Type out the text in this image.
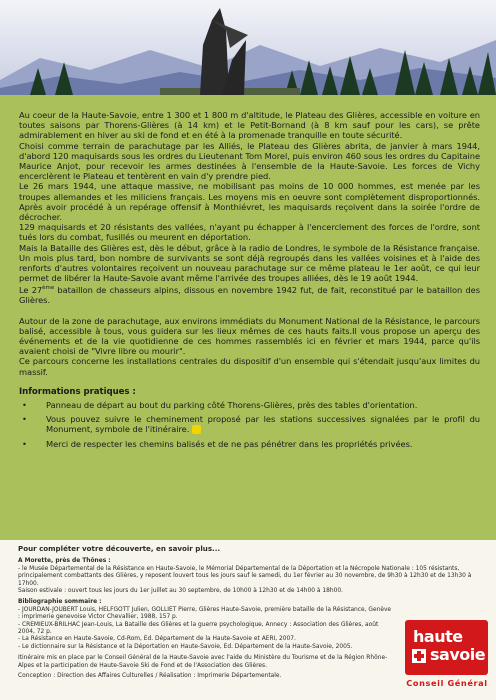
Au coeur de la Haute-Savoie, entre 1 300 et 1 800 m d'altitude, le Plateau des Glières, accessible en voiture en toutes saisons par Thorens-Glières (à 14 km) et le Petit-Bornand (à 8 km sauf pour les cars), se prête admirablement en hiver au ski de fond et en été à la promenade tranquille en toute sécurité.

Choisi comme terrain de parachutage par les Alliés, le Plateau des Glières abrita, de janvier à mars 1944, d'abord 120 maquisards sous les ordres du Lieutenant Tom Morel, puis environ 460 sous les ordres du Capitaine Maurice Anjot, pour recevoir les armes destinées à l'ensemble de la Haute-Savoie. Les forces de Vichy encerclèrent le Plateau et tentèrent en vain d'y prendre pied.

Le 26 mars 1944, une attaque massive, ne mobilisant pas moins de 10 000 hommes, est menée par les troupes allemandes et les miliciens français. Les moyens mis en oeuvre sont complètement disproportionnés. Après avoir procédé à un repérage offensif à Monthiévret, les maquisards reçoivent dans la soirée l'ordre de décrocher.

129 maquisards et 20 résistants des vallées, n'ayant pu échapper à l'encerclement des forces de l'ordre, sont tués lors du combat, fusillés ou meurent en déportation.

Mais la Bataille des Glières est, dès le début, grâce à la radio de Londres, le symbole de la Résistance française. Un mois plus tard, bon nombre de survivants se sont déjà regroupés dans les vallées voisines et à l'aide des renforts d'autres volontaires reçoivent un nouveau parachutage sur ce même plateau le 1er août, ce qui leur permet de libérer la Haute-Savoie avant même l'arrivée des troupes alliées, dès le 19 août 1944.

Le 27ème bataillon de chasseurs alpins, dissous en novembre 1942 fut, de fait, reconstitué par le bataillon des Glières.

Autour de la zone de parachutage, aux environs immédiats du Monument National de la Résistance, le parcours balisé, accessible à tous, vous guidera sur les lieux mêmes de ces hauts faits.Il vous propose un aperçu des événements et de la vie quotidienne de ces hommes rassemblés ici en février et mars 1944, parce qu'ils avaient choisi de "Vivre libre ou mourir".

Ce parcours concerne les installations centrales du dispositif d'un ensemble qui s'étendait jusqu'aux limites du massif.

Informations pratiques :

• Panneau de départ au bout du parking côté Thorens-Glières, près des tables d'orientation.
• Vous pouvez suivre le cheminement proposé par les stations successives signalées par le profil du Monument, symbole de l'itinéraire.
• Merci de respecter les chemins balisés et de ne pas pénétrer dans les propriétés privées.
Pour compléter votre découverte, en savoir plus...
A Morette, près de Thônes :
- le Musée Départemental de la Résistance en Haute-Savoie, le Mémorial Départemental de la Déportation et la Nécropole Nationale : 105 résistants, principalement combattants des Glières, y reposent louvert tous les jours sauf le samedi, du 1er février au 30 novembre, de 9h30 à 12h30 et de 13h30 à 17h00.
Saison estivale : ouvert tous les jours du 1er juillet au 30 septembre, de 10h00 à 12h30 et de 14h00 à 18h00.
Bibliographie sommaire :
- JOURDAN-JOUBERT Louis, HELFGOTT Julien, GOLLIET Pierre, Glières Haute-Savoie, première bataille de la Résistance, Genève : imprimerie genevoise Victor Chevallier, 1988, 157 p.
- CREMIEUX-BRILHAC Jean-Louis, La Bataille des Glières et la guerre psychologique, Annecy : Association des Glières, août 2004, 72 p.
- La Résistance en Haute-Savoie, Cd-Rom, Ed. Département de la Haute-Savoie et AERI, 2007.
- Le dictionnaire sur la Résistance et la Déportation en Haute-Savoie, Ed. Département de la Haute-Savoie, 2005.
Itinéraire mis en place par le Conseil Général de la Haute-Savoie avec l'aide du Ministère du Tourisme et de la Région Rhône-Alpes et la participation de Haute-Savoie Ski de Fond et de l'Association des Glières.
Conception : Direction des Affaires Culturelles / Réalisation : Imprimerie Départementale.
haute
savoie
Conseil Général
